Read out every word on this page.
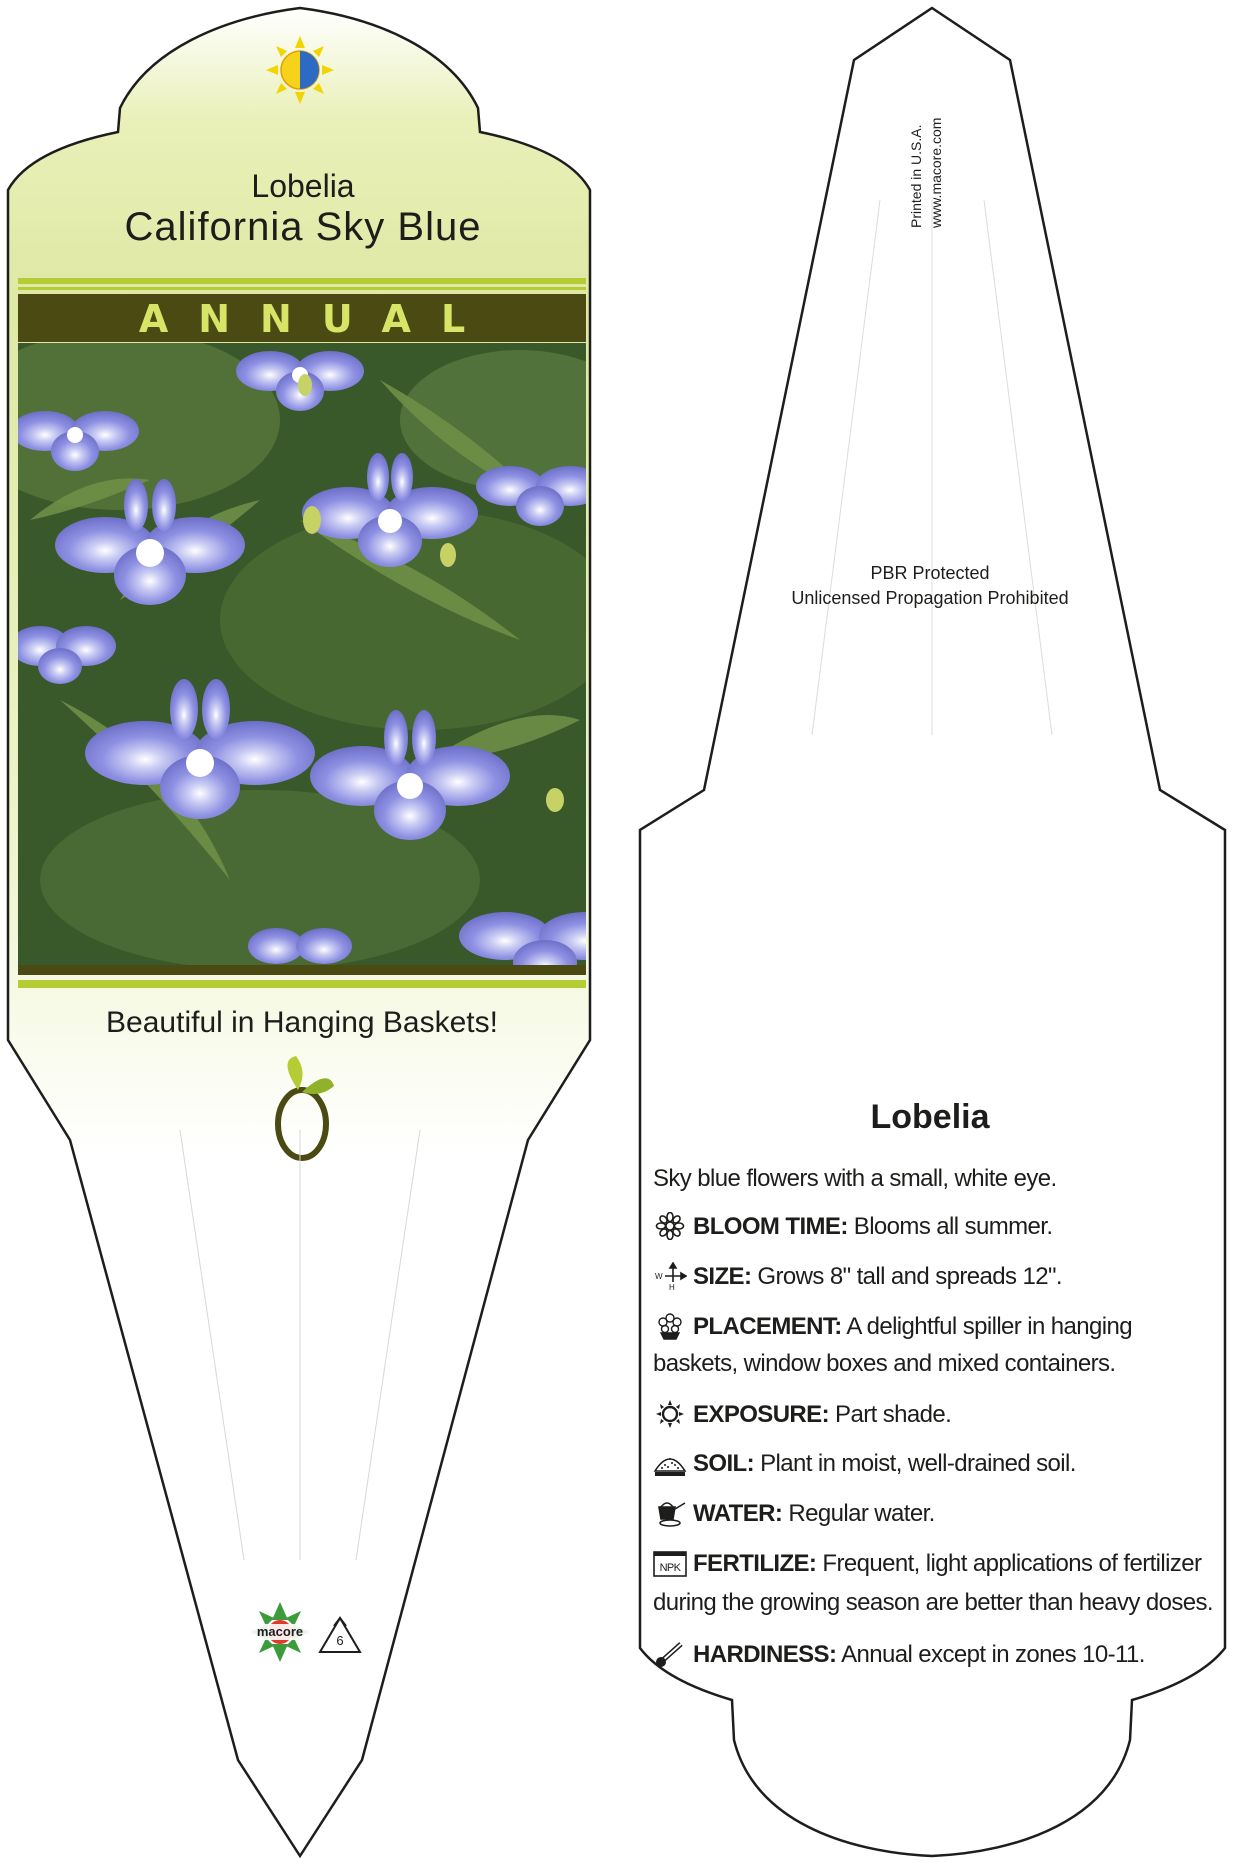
Lobelia
California Sky Blue
ANNUAL
Beautiful in Hanging Baskets!
macore
6
Printed in U.S.A. www.macore.com
PBR Protected
Unlicensed Propagation Prohibited
Lobelia
Sky blue flowers with a small, white eye.
BLOOM TIME: Blooms all summer.
W
H SIZE: Grows 8" tall and spreads 12".
PLACEMENT: A delightful spiller in hanging
baskets, window boxes and mixed containers.
EXPOSURE: Part shade.
SOIL: Plant in moist, well-drained soil.
WATER: Regular water.
NPK FERTILIZE: Frequent, light applications of fertilizer
during the growing season are better than heavy doses.
HARDINESS: Annual except in zones 10-11.
